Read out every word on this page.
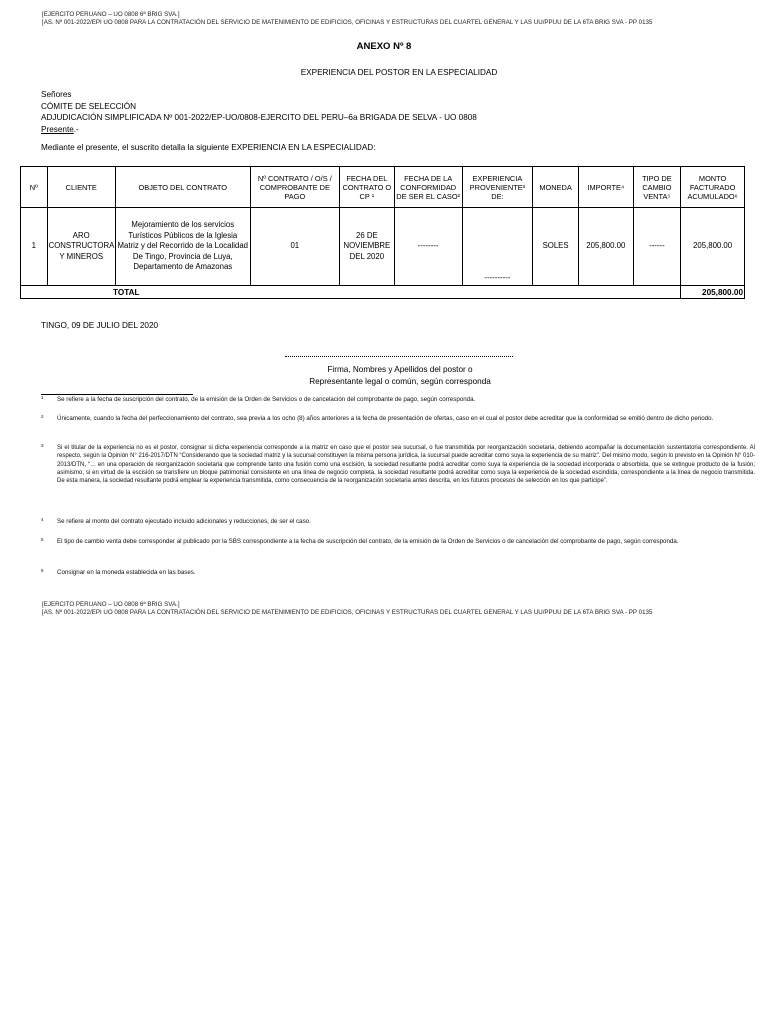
[EJERCITO PERUANO – UO 0808 6ª BRIG SVA.]
[AS. Nº 001-2022/EPI UO 0808 PARA LA CONTRATACIÓN DEL SERVICIO DE MATENIMIENTO DE EDIFICIOS, OFICINAS Y ESTRUCTURAS DEL CUARTEL GENERAL Y LAS UU/PPUU DE LA 6TA BRIG SVA - PP 0135
ANEXO Nº 8
EXPERIENCIA DEL POSTOR EN LA ESPECIALIDAD
Señores
CÓMITE DE SELECCIÓN
ADJUDICACIÓN SIMPLIFICADA Nº 001-2022/EP-UO/0808-EJERCITO DEL PERU–6a BRIGADA DE SELVA - UO 0808
Presente.-
Mediante el presente, el suscrito detalla la siguiente EXPERIENCIA EN LA ESPECIALIDAD:
Nº	CLIENTE	OBJETO DEL CONTRATO	Nº CONTRATO / O/S / COMPROBANTE DE PAGO	FECHA DEL CONTRATO O CP ¹	FECHA DE LA CONFORMIDAD DE SER EL CASO²	EXPERIENCIA PROVENIENTE³ DE:	MONEDA	IMPORTE⁴	TIPO DE CAMBIO VENTA⁵	MONTO FACTURADO ACUMULADO⁶
1	ARO CONSTRUCTORA Y MINEROS	Mejoramiento de los servicios Turísticos Públicos de la Iglesia Matriz y del Recorrido de la Localidad De Tingo, Provincia de Luya, Departamento de Amazonas	01	26 DE NOVIEMBRE DEL 2020	--------	----------	SOLES	205,800.00	------	205,800.00
TOTAL										205,800.00
TINGO, 09 DE JULIO DEL 2020
Firma, Nombres y Apellidos del postor o
Representante legal o común, según corresponda
1 Se refiere a la fecha de suscripción del contrato, de la emisión de la Orden de Servicios o de cancelación del comprobante de pago, según corresponda.
2 Únicamente, cuando la fecha del perfeccionamiento del contrato, sea previa a los ocho (8) años anteriores a la fecha de presentación de ofertas, caso en el cual el postor debe acreditar que la conformidad se emitió dentro de dicho periodo.
3 Si el titular de la experiencia no es el postor, consignar si dicha experiencia corresponde a la matriz en caso que el postor sea sucursal, o fue transmitida por reorganización societaria, debiendo acompañar la documentación sustentatoria correspondiente. Al respecto, según la Opinión N° 216-2017/DTN “Considerando que la sociedad matriz y la sucursal constituyen la misma persona jurídica, la sucursal puede acreditar como suya la experiencia de su matriz”. Del mismo modo, según lo previsto en la Opinión N° 010-2013/DTN, “… en una operación de reorganización societaria que comprende tanto una fusión como una escisión, la sociedad resultante podrá acreditar como suya la experiencia de la sociedad incorporada o absorbida, que se extingue producto de la fusión; asimismo, si en virtud de la escisión se transfiere un bloque patrimonial consistente en una línea de negocio completa, la sociedad resultante podrá acreditar como suya la experiencia de la sociedad escindida, correspondiente a la línea de negocio transmitida. De esta manera, la sociedad resultante podrá emplear la experiencia transmitida, como consecuencia de la reorganización societaria antes descrita, en los futuros procesos de selección en los que participe”.
4 Se refiere al monto del contrato ejecutado incluido adicionales y reducciones, de ser el caso.
5 El tipo de cambio venta debe corresponder al publicado por la SBS correspondiente a la fecha de suscripción del contrato, de la emisión de la Orden de Servicios o de cancelación del comprobante de pago, según corresponda.
6 Consignar en la moneda establecida en las bases.
[EJERCITO PERUANO – UO 0808 6ª BRIG SVA.]
[AS. Nº 001-2022/EPI UO 0808 PARA LA CONTRATACIÓN DEL SERVICIO DE MATENIMIENTO DE EDIFICIOS, OFICINAS Y ESTRUCTURAS DEL CUARTEL GENERAL Y LAS UU/PPUU DE LA 6TA BRIG SVA - PP 0135
